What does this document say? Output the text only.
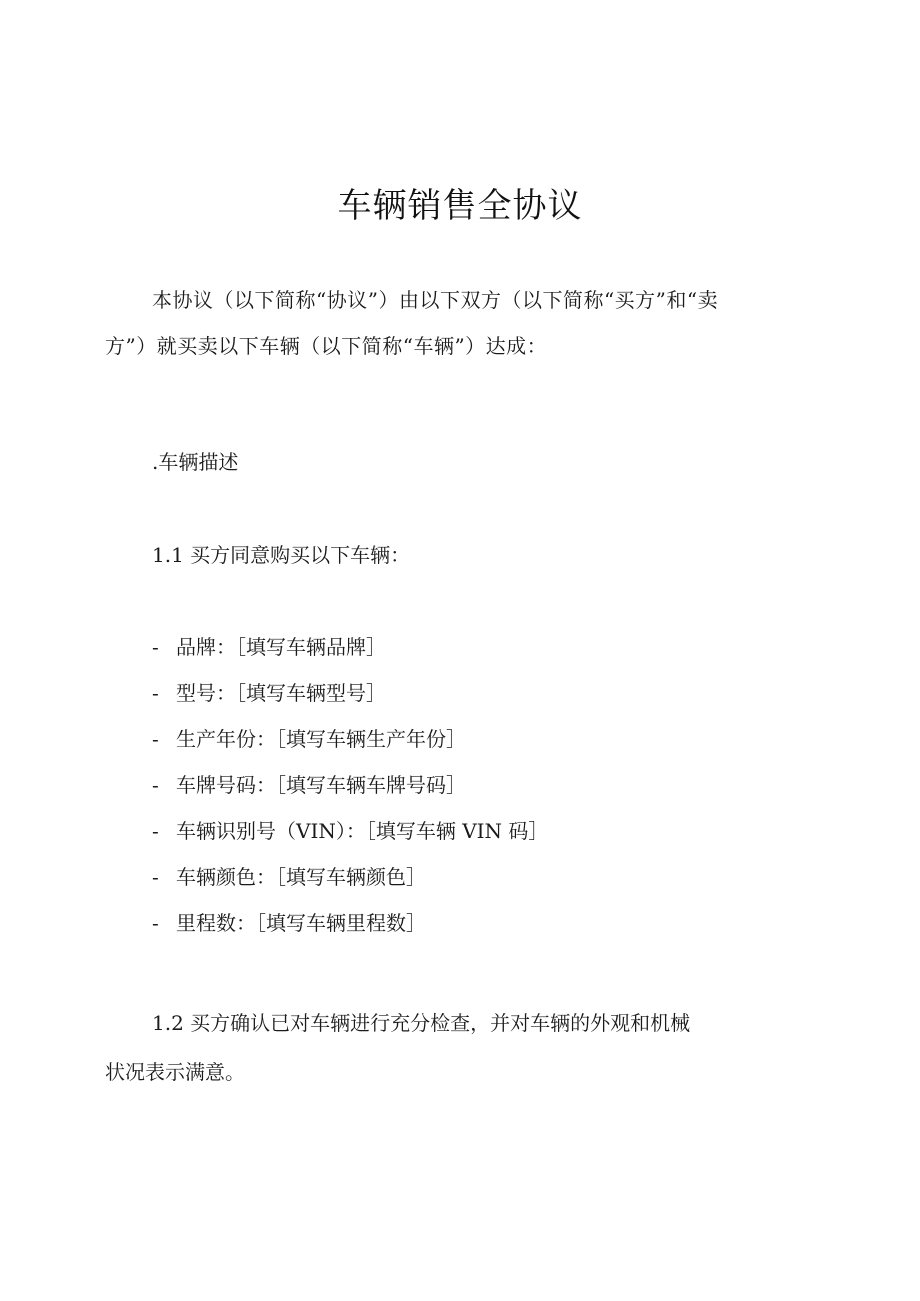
车辆销售全协议

本协议（以下简称“协议”）由以下双方（以下简称“买方”和“卖

方”）就买卖以下车辆（以下简称“车辆”）达成：

.车辆描述

1.1 买方同意购买以下车辆：

- 品牌：［填写车辆品牌］

- 型号：［填写车辆型号］

- 生产年份：［填写车辆生产年份］

- 车牌号码：［填写车辆车牌号码］

- 车辆识别号（VIN）：［填写车辆 VIN 码］

- 车辆颜色：［填写车辆颜色］

- 里程数：［填写车辆里程数］

1.2 买方确认已对车辆进行充分检查，并对车辆的外观和机械

状况表示满意。
